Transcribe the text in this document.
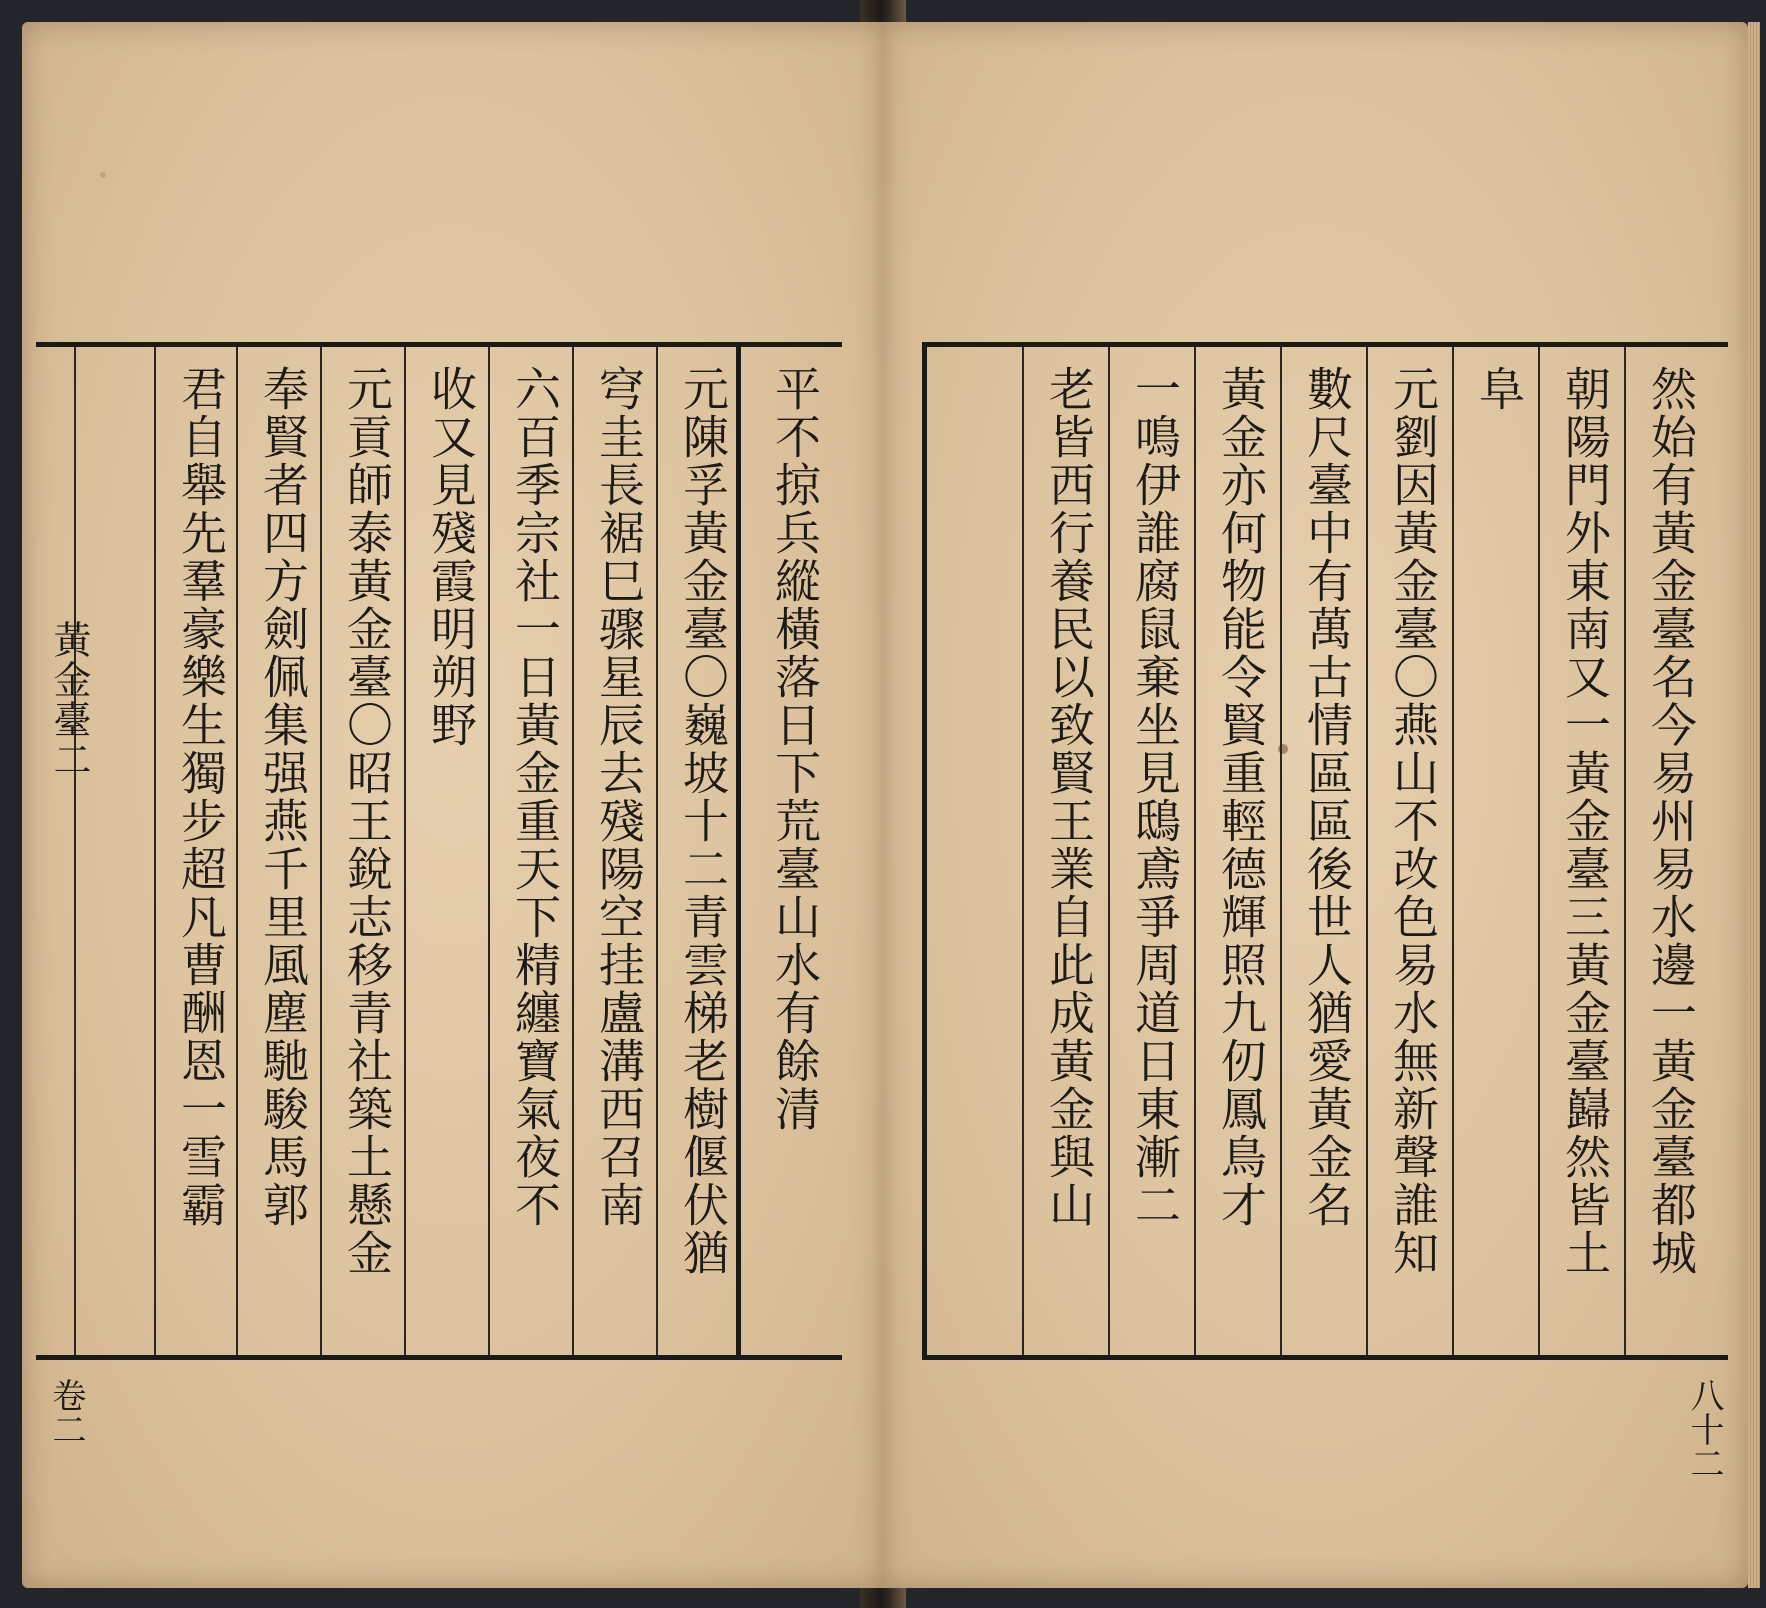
平不掠兵縱橫落日下荒臺山水有餘清
元陳孚黃金臺〇巍坡十二青雲梯老樹偃伏猶
穹圭長裾巳骤星辰去殘陽空挂盧溝西召南
六百季宗社一日黃金重天下精纏寶氣夜不
收又見殘霞明朔野
元貢師泰黃金臺〇昭王銳志移青社築土懸金
奉賢者四方劍佩集强燕千里風塵馳駿馬郭
君自舉先羣豪樂生獨步超凡曹酬恩一雪霸
黃金臺二
卷二
然始有黃金臺名今易州易水邊一黃金臺都城
朝陽門外東南又一黃金臺三黃金臺巋然皆土
阜
元劉因黃金臺〇燕山不改色易水無新聲誰知
數尺臺中有萬古情區區後世人猶愛黃金名
黃金亦何物能令賢重輕德輝照九仞鳳鳥才
一鳴伊誰腐鼠棄坐見鴟鳶爭周道日東漸二
老皆西行養民以致賢王業自此成黃金與山
八十二
